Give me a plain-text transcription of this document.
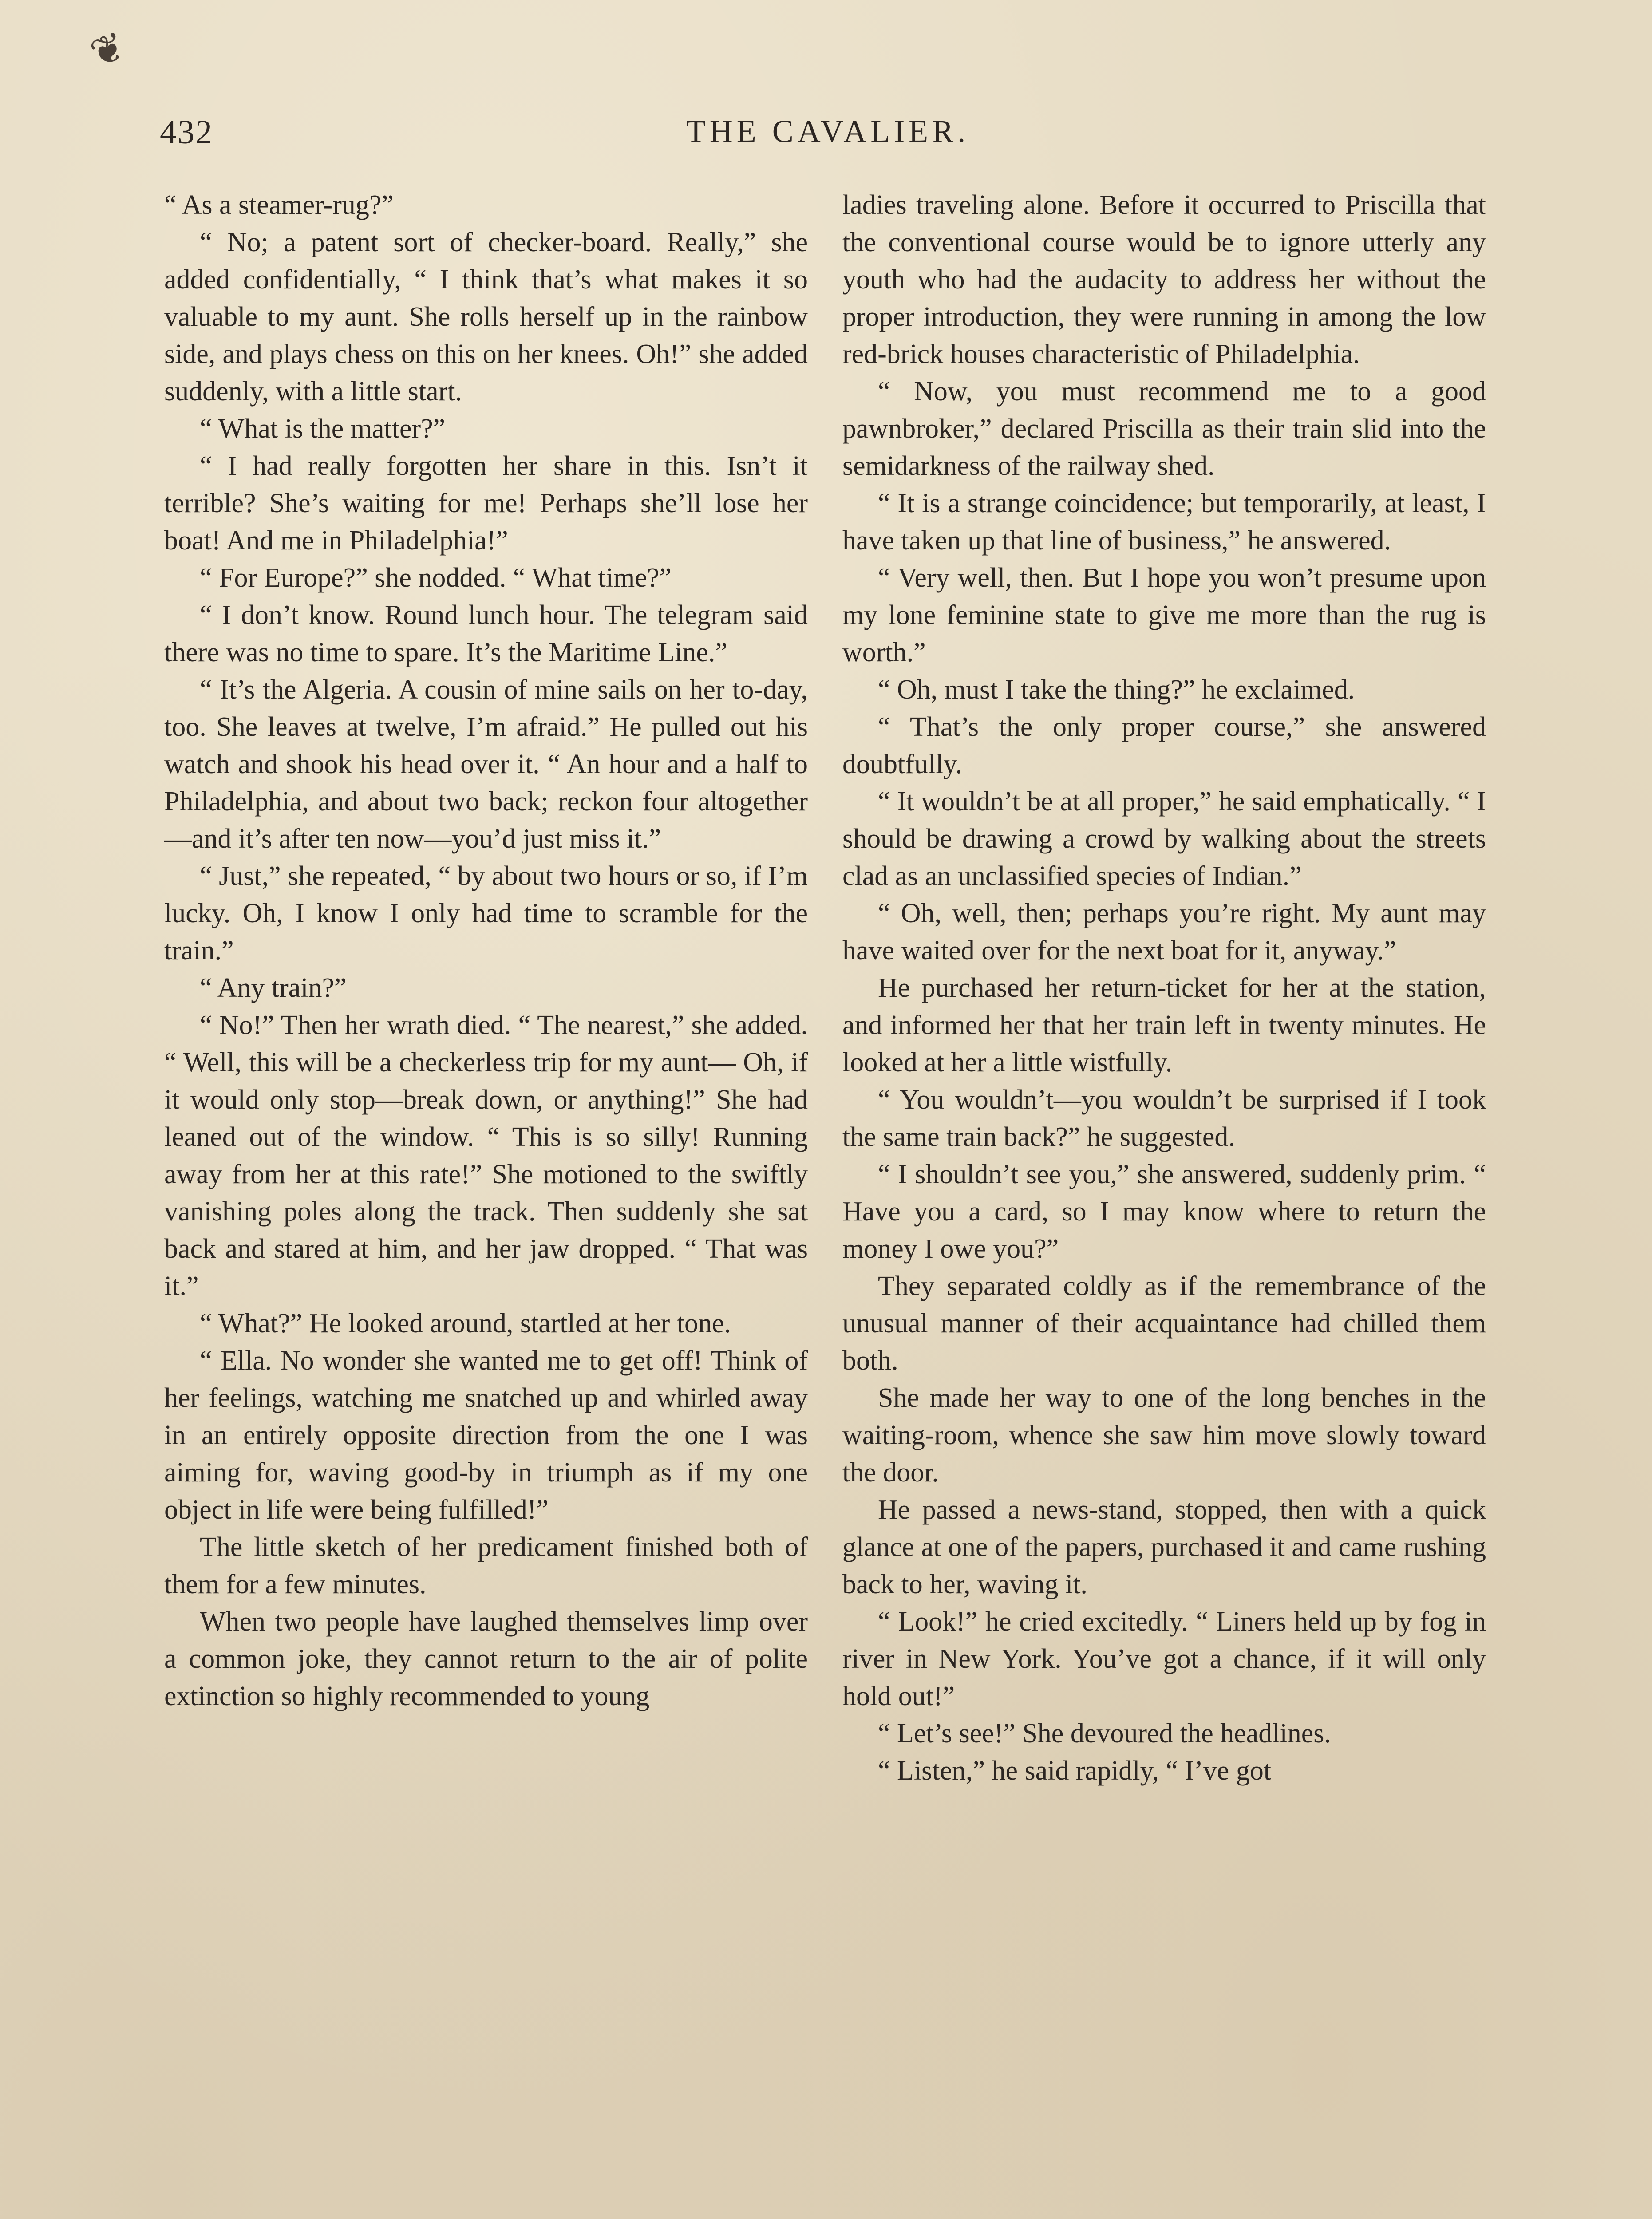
❦
432	THE CAVALIER.

“ As a steamer-rug?”

“ No; a patent sort of checker-board. Really,” she added confidentially, “ I think that’s what makes it so valuable to my aunt. She rolls herself up in the rainbow side, and plays chess on this on her knees. Oh!” she added suddenly, with a little start.

“ What is the matter?”

“ I had really forgotten her share in this. Isn’t it terrible? She’s waiting for me! Perhaps she’ll lose her boat! And me in Philadelphia!”

“ For Europe?” she nodded. “ What time?”

“ I don’t know. Round lunch hour. The telegram said there was no time to spare. It’s the Maritime Line.”

“ It’s the Algeria. A cousin of mine sails on her to-day, too. She leaves at twelve, I’m afraid.” He pulled out his watch and shook his head over it. “ An hour and a half to Philadelphia, and about two back; reckon four altogether —and it’s after ten now—you’d just miss it.”

“ Just,” she repeated, “ by about two hours or so, if I’m lucky. Oh, I know I only had time to scramble for the train.”

“ Any train?”

“ No!” Then her wrath died. “ The nearest,” she added. “ Well, this will be a checkerless trip for my aunt— Oh, if it would only stop—break down, or anything!” She had leaned out of the window. “ This is so silly! Running away from her at this rate!” She motioned to the swiftly vanishing poles along the track. Then suddenly she sat back and stared at him, and her jaw dropped. “ That was it.”

“ What?” He looked around, startled at her tone.

“ Ella. No wonder she wanted me to get off! Think of her feelings, watching me snatched up and whirled away in an entirely opposite direction from the one I was aiming for, waving good-by in triumph as if my one object in life were being fulfilled!”

The little sketch of her predicament finished both of them for a few minutes.

When two people have laughed themselves limp over a common joke, they cannot return to the air of polite extinction so highly recommended to young

ladies traveling alone. Before it occurred to Priscilla that the conventional course would be to ignore utterly any youth who had the audacity to address her without the proper introduction, they were running in among the low red-brick houses characteristic of Philadelphia.

“ Now, you must recommend me to a good pawnbroker,” declared Priscilla as their train slid into the semidarkness of the railway shed.

“ It is a strange coincidence; but temporarily, at least, I have taken up that line of business,” he answered.

“ Very well, then. But I hope you won’t presume upon my lone feminine state to give me more than the rug is worth.”

“ Oh, must I take the thing?” he exclaimed.

“ That’s the only proper course,” she answered doubtfully.

“ It wouldn’t be at all proper,” he said emphatically. “ I should be drawing a crowd by walking about the streets clad as an unclassified species of Indian.”

“ Oh, well, then; perhaps you’re right. My aunt may have waited over for the next boat for it, anyway.”

He purchased her return-ticket for her at the station, and informed her that her train left in twenty minutes. He looked at her a little wistfully.

“ You wouldn’t—you wouldn’t be surprised if I took the same train back?” he suggested.

“ I shouldn’t see you,” she answered, suddenly prim. “ Have you a card, so I may know where to return the money I owe you?”

They separated coldly as if the remembrance of the unusual manner of their acquaintance had chilled them both.

She made her way to one of the long benches in the waiting-room, whence she saw him move slowly toward the door.

He passed a news-stand, stopped, then with a quick glance at one of the papers, purchased it and came rushing back to her, waving it.

“ Look!” he cried excitedly. “ Liners held up by fog in river in New York. You’ve got a chance, if it will only hold out!”

“ Let’s see!” She devoured the headlines.

“ Listen,” he said rapidly, “ I’ve got
